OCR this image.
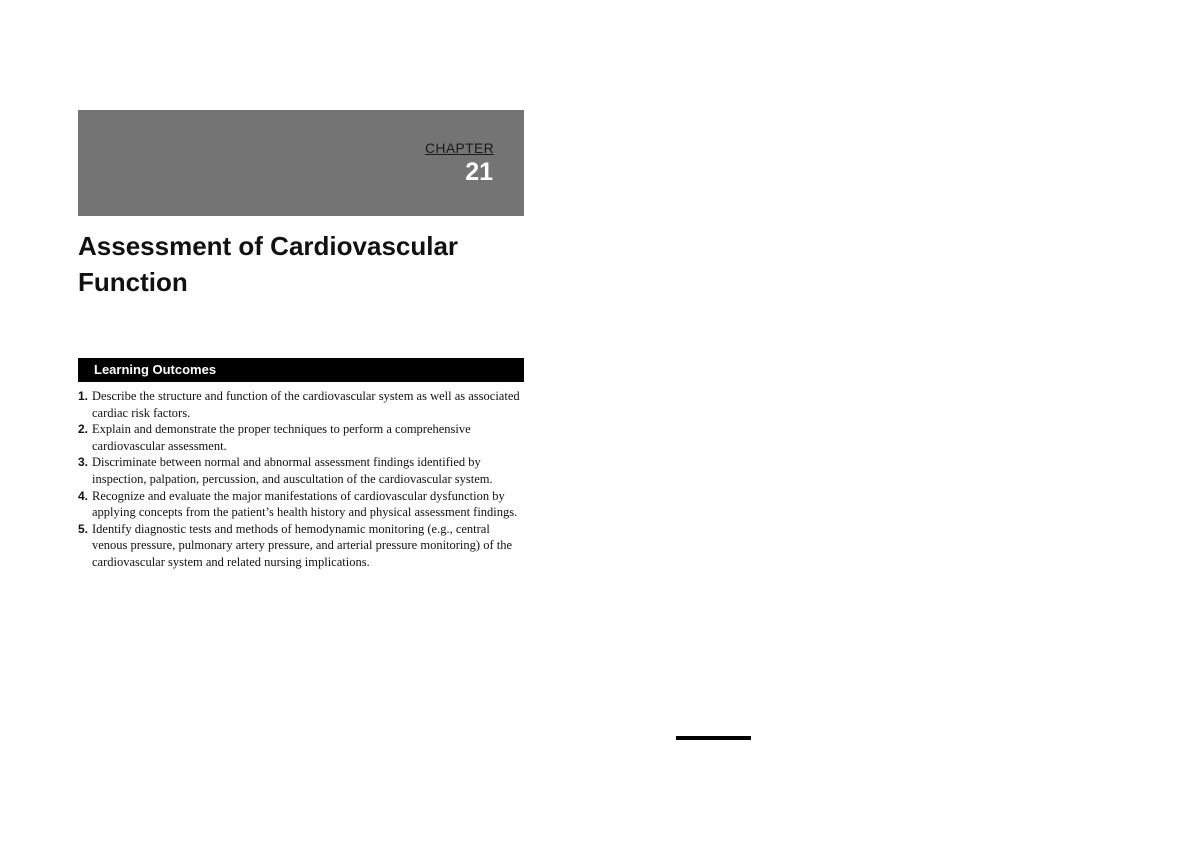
CHAPTER
21
Assessment of Cardiovascular Function
Learning Outcomes
1. Describe the structure and function of the cardiovascular system as well as associated cardiac risk factors.
2. Explain and demonstrate the proper techniques to perform a comprehensive cardiovascular assessment.
3. Discriminate between normal and abnormal assessment findings identified by inspection, palpation, percussion, and auscultation of the cardiovascular system.
4. Recognize and evaluate the major manifestations of cardiovascular dysfunction by applying concepts from the patient’s health history and physical assessment findings.
5. Identify diagnostic tests and methods of hemodynamic monitoring (e.g., central venous pressure, pulmonary artery pressure, and arterial pressure monitoring) of the cardiovascular system and related nursing implications.
